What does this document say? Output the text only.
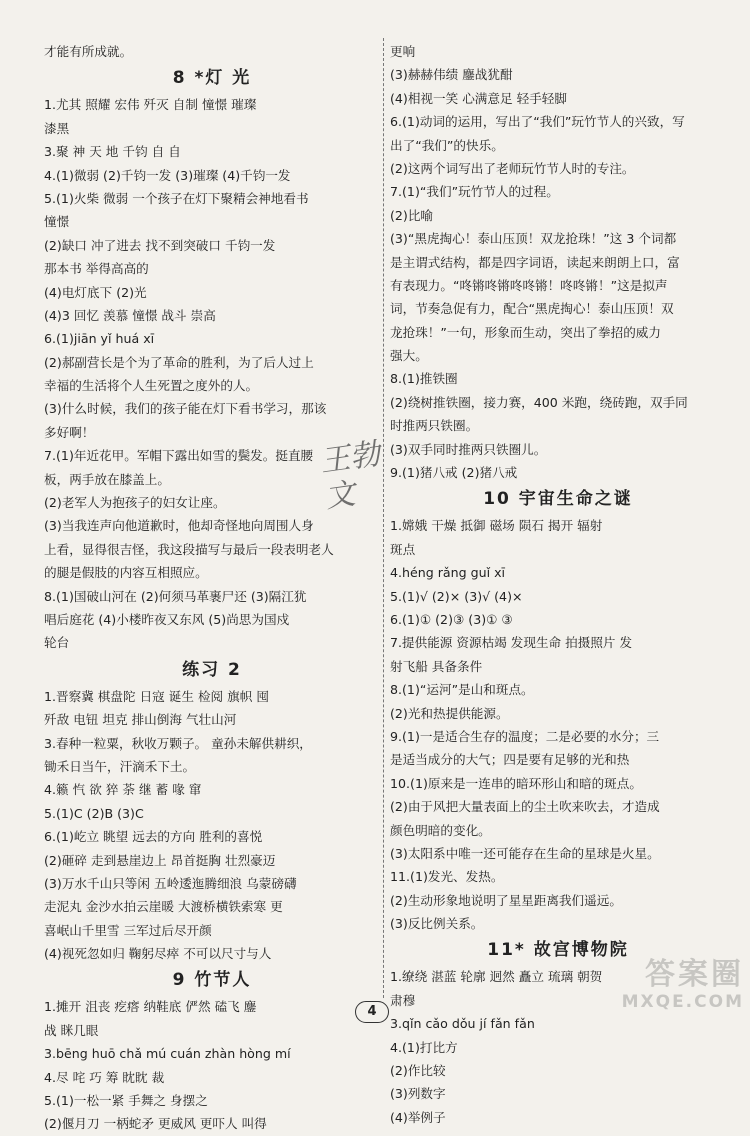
才能有所成就。
8 *灯 光
1.尤其 照耀 宏伟 歼灭 自制 憧憬 璀璨
漆黑
3.聚 神 天 地 千钧 自 自
4.(1)微弱 (2)千钧一发 (3)璀璨 (4)千钧一发
5.(1)火柴 微弱 一个孩子在灯下聚精会神地看书
憧憬
(2)缺口 冲了进去 找不到突破口 千钧一发
那本书 举得高高的
(4)电灯底下 (2)光
(4)3 回忆 羡慕 憧憬 战斗 崇高
6.(1)jiān yǐ huá xī
(2)郝副营长是个为了革命的胜利，为了后人过上
幸福的生活将个人生死置之度外的人。
(3)什么时候，我们的孩子能在灯下看书学习，那该
多好啊！
7.(1)年近花甲。军帽下露出如雪的鬓发。挺直腰
板，两手放在膝盖上。
(2)老军人为抱孩子的妇女让座。
(3)当我连声向他道歉时，他却奇怪地向周围人身
上看，显得很吉怪，我这段描写与最后一段表明老人
的腿是假肢的内容互相照应。
8.(1)国破山河在 (2)何须马革裹尸还 (3)隔江犹
唱后庭花 (4)小楼昨夜又东风 (5)尚思为国戍
轮台
练习 2
1.晋察冀 棋盘陀 日寇 诞生 检阅 旗帜 囤
歼敌 电钮 坦克 排山倒海 气壮山河
3.春种一粒粟，秋收万颗子。 童孙未解供耕织，
锄禾日当午，汗滴禾下土。
4.籁 忾 欲 猝 荼 继 蓄 喙 窜
5.(1)C (2)B (3)C
6.(1)屹立 眺望 远去的方向 胜利的喜悦
(2)砸碎 走到悬崖边上 昂首挺胸 壮烈豪迈
(3)万水千山只等闲 五岭逶迤腾细浪 乌蒙磅礴
走泥丸 金沙水拍云崖暖 大渡桥横铁索寒 更
喜岷山千里雪 三军过后尽开颜
(4)视死忽如归 鞠躬尽瘁 不可以尺寸与人
9 竹节人
1.摊开 沮丧 疙瘩 纳鞋底 俨然 磕飞 鏖
战 眯几眼
3.bēng huō chǎ mú cuán zhàn hòng mí
4.尽 咤 巧 筹 眈眈 裁
5.(1)一松一紧 手舞之 身摆之
(2)偃月刀 一柄蛇矛 更威风 更吓人 叫得
更响
(3)赫赫伟绩 鏖战犹酣
(4)相视一笑 心满意足 轻手轻脚
6.(1)动词的运用，写出了“我们”玩竹节人的兴致，写
出了“我们”的快乐。
(2)这两个词写出了老师玩竹节人时的专注。
7.(1)“我们”玩竹节人的过程。
(2)比喻
(3)“黑虎掏心！泰山压顶！双龙抢珠！”这 3 个词都
是主谓式结构，都是四字词语，读起来朗朗上口，富
有表现力。“咚锵咚锵咚咚锵！咚咚锵！”这是拟声
词，节奏急促有力，配合“黑虎掏心！泰山压顶！双
龙抢珠！”一句，形象而生动，突出了拳招的威力
强大。
8.(1)推铁圈
(2)绕树推铁圈，接力赛，400 米跑，绕砖跑，双手同
时推两只铁圈。
(3)双手同时推两只铁圈儿。
9.(1)猪八戒 (2)猪八戒
10 宇宙生命之谜
1.嫦娥 干燥 抵御 磁场 陨石 揭开 辐射
斑点
4.héng rǎng guǐ xī
5.(1)√ (2)× (3)√ (4)×
6.(1)① (2)③ (3)① ③
7.提供能源 资源枯竭 发现生命 拍摄照片 发
射飞船 具备条件
8.(1)“运河”是山和斑点。
(2)光和热提供能源。
9.(1)一是适合生存的温度；二是必要的水分；三
是适当成分的大气；四是要有足够的光和热
10.(1)原来是一连串的暗环形山和暗的斑点。
(2)由于风把大量表面上的尘土吹来吹去，才造成
颜色明暗的变化。
(3)太阳系中唯一还可能存在生命的星球是火星。
11.(1)发光、发热。
(2)生动形象地说明了星星距离我们遥远。
(3)反比例关系。
11* 故宫博物院
1.缭绕 湛蓝 轮廓 迥然 矗立 琉璃 朝贺
肃穆
3.qǐn cǎo dǒu jí fǎn fǎn
4.(1)打比方
(2)作比较
(3)列数字
(4)举例子
王勃文
4
答案圈
MXQE.COM
